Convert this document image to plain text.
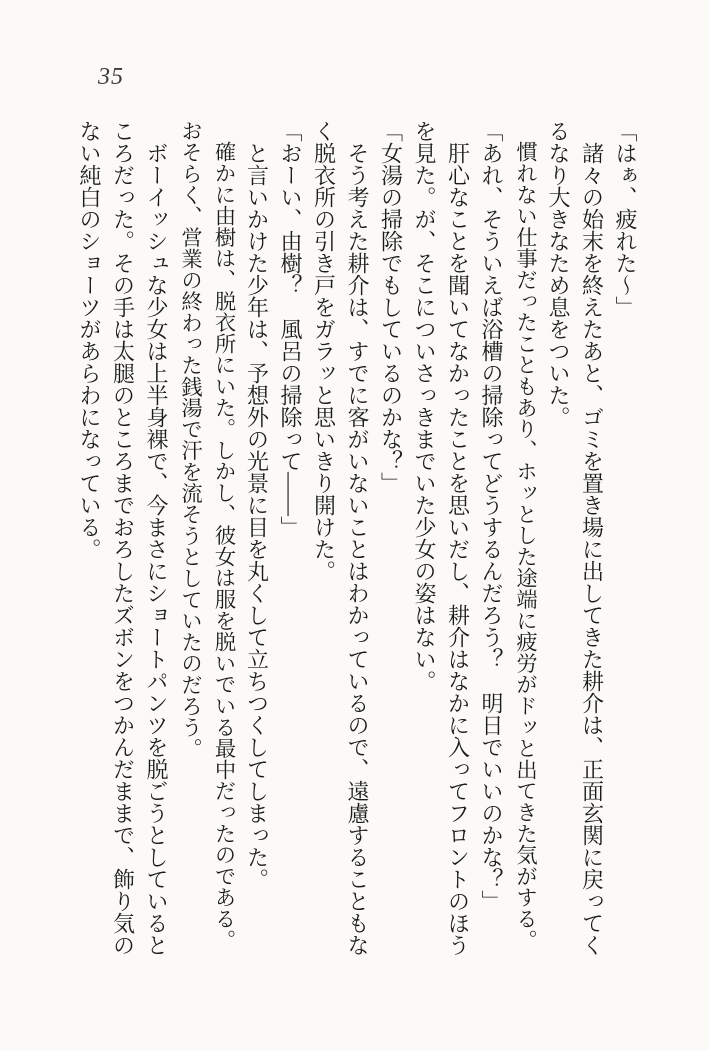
35

「はぁ、疲れた〜」

諸々の始末を終えたあと、ゴミを置き場に出してきた耕介は、正面玄関に戻ってくるなり大きなため息をついた。

慣れない仕事だったこともあり、ホッとした途端に疲労がドッと出てきた気がする。

「あれ、そういえば浴槽の掃除ってどうするんだろう？　明日でいいのかな？」

肝心なことを聞いてなかったことを思いだし、耕介はなかに入ってフロントのほうを見た。が、そこについさっきまでいた少女の姿はない。

「女湯の掃除でもしているのかな？」

そう考えた耕介は、すでに客がいないことはわかっているので、遠慮することもなく脱衣所の引き戸をガラッと思いきり開けた。

「おーい、由樹？　風呂の掃除って――」

と言いかけた少年は、予想外の光景に目を丸くして立ちつくしてしまった。

確かに由樹は、脱衣所にいた。しかし、彼女は服を脱いでいる最中だったのである。おそらく、営業の終わった銭湯で汗を流そうとしていたのだろう。

ボーイッシュな少女は上半身裸で、今まさにショートパンツを脱ごうとしているところだった。その手は太腿のところまでおろしたズボンをつかんだままで、飾り気のない純白のショーツがあらわになっている。
